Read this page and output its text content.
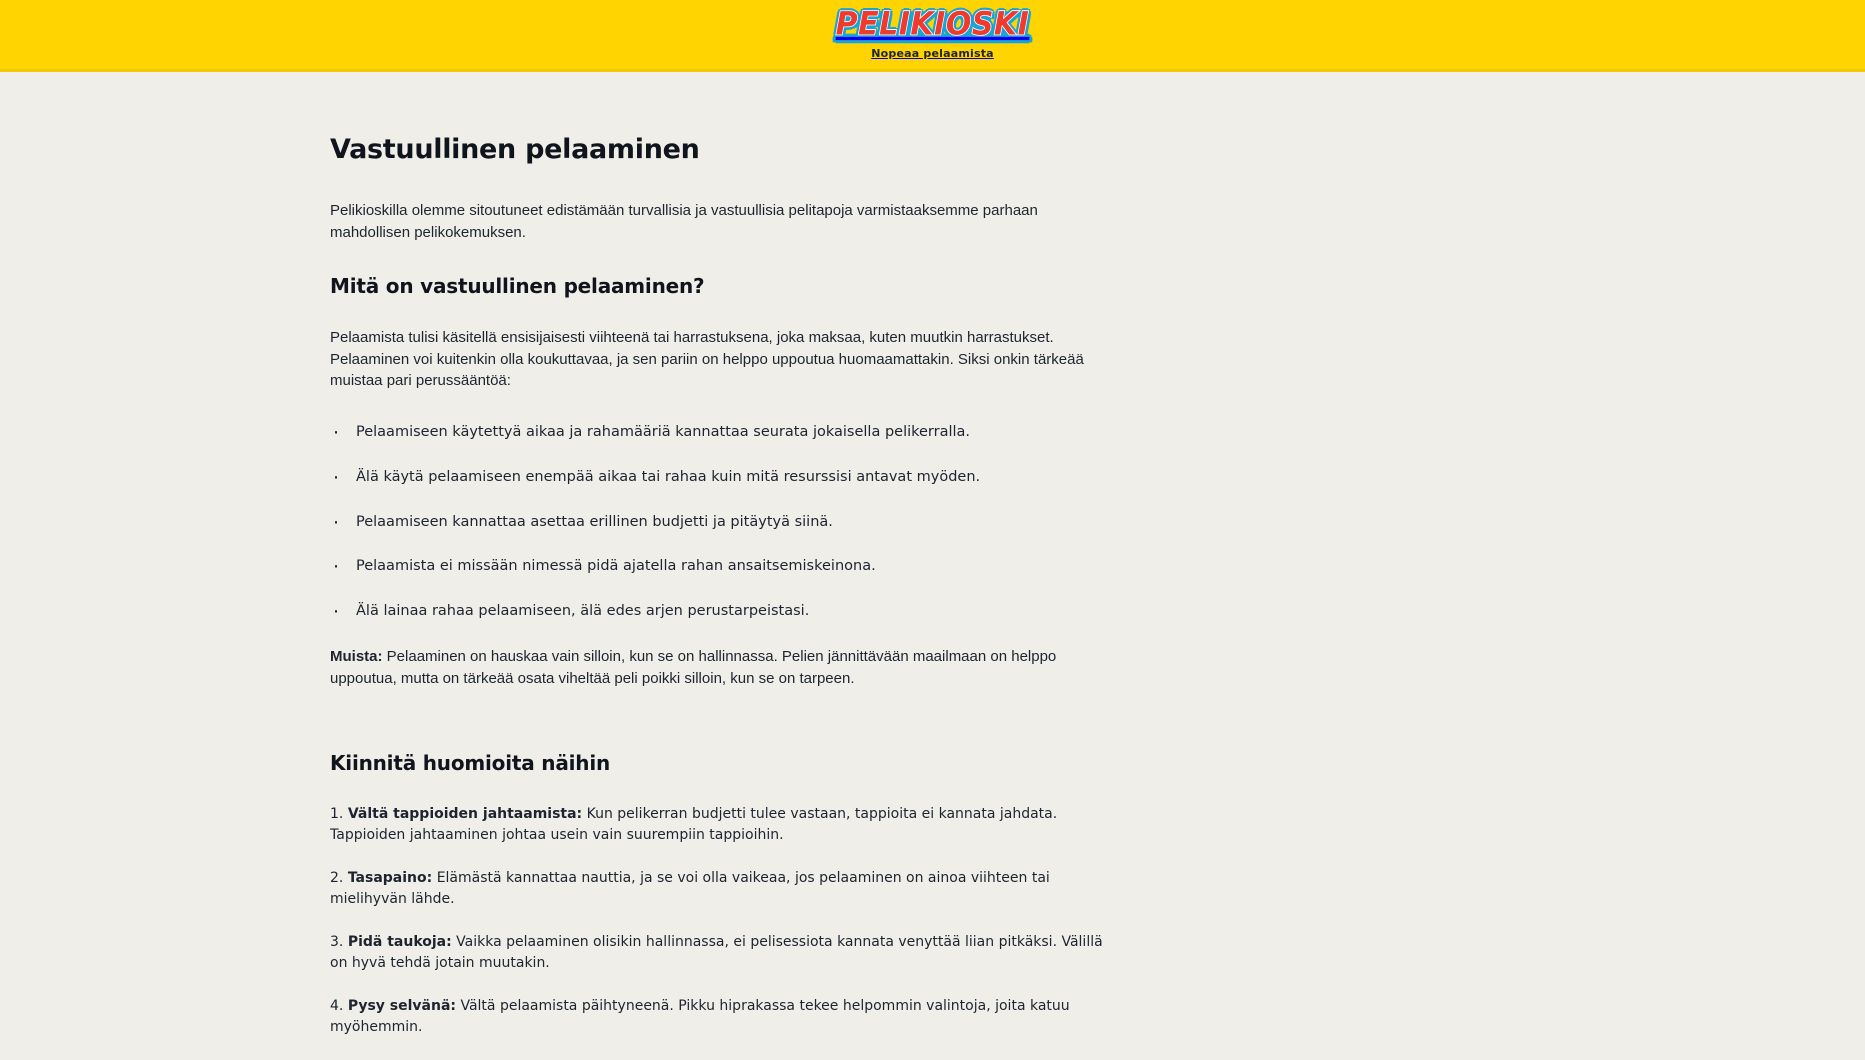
PELIKIOSKI
Nopeaa pelaamista
Vastuullinen pelaaminen

Pelikioskilla olemme sitoutuneet edistämään turvallisia ja vastuullisia pelitapoja varmistaaksemme parhaan mahdollisen pelikokemuksen.

Mitä on vastuullinen pelaaminen?

Pelaamista tulisi käsitellä ensisijaisesti viihteenä tai harrastuksena, joka maksaa, kuten muutkin harrastukset. Pelaaminen voi kuitenkin olla koukuttavaa, ja sen pariin on helppo uppoutua huomaamattakin. Siksi onkin tärkeää muistaa pari perussääntöä:

· Pelaamiseen käytettyä aikaa ja rahamääriä kannattaa seurata jokaisella pelikerralla.
· Älä käytä pelaamiseen enempää aikaa tai rahaa kuin mitä resurssisi antavat myöden.
· Pelaamiseen kannattaa asettaa erillinen budjetti ja pitäytyä siinä.
· Pelaamista ei missään nimessä pidä ajatella rahan ansaitsemiskeinona.
· Älä lainaa rahaa pelaamiseen, älä edes arjen perustarpeistasi.

Muista: Pelaaminen on hauskaa vain silloin, kun se on hallinnassa. Pelien jännittävään maailmaan on helppo uppoutua, mutta on tärkeää osata viheltää peli poikki silloin, kun se on tarpeen.

Kiinnitä huomioita näihin
1. Vältä tappioiden jahtaamista: Kun pelikerran budjetti tulee vastaan, tappioita ei kannata jahdata. Tappioiden jahtaaminen johtaa usein vain suurempiin tappioihin.
2. Tasapaino: Elämästä kannattaa nauttia, ja se voi olla vaikeaa, jos pelaaminen on ainoa viihteen tai mielihyvän lähde.
3. Pidä taukoja: Vaikka pelaaminen olisikin hallinnassa, ei pelisessiota kannata venyttää liian pitkäksi. Välillä on hyvä tehdä jotain muutakin.
4. Pysy selvänä: Vältä pelaamista päihtyneenä. Pikku hiprakassa tekee helpommin valintoja, joita katuu myöhemmin.
